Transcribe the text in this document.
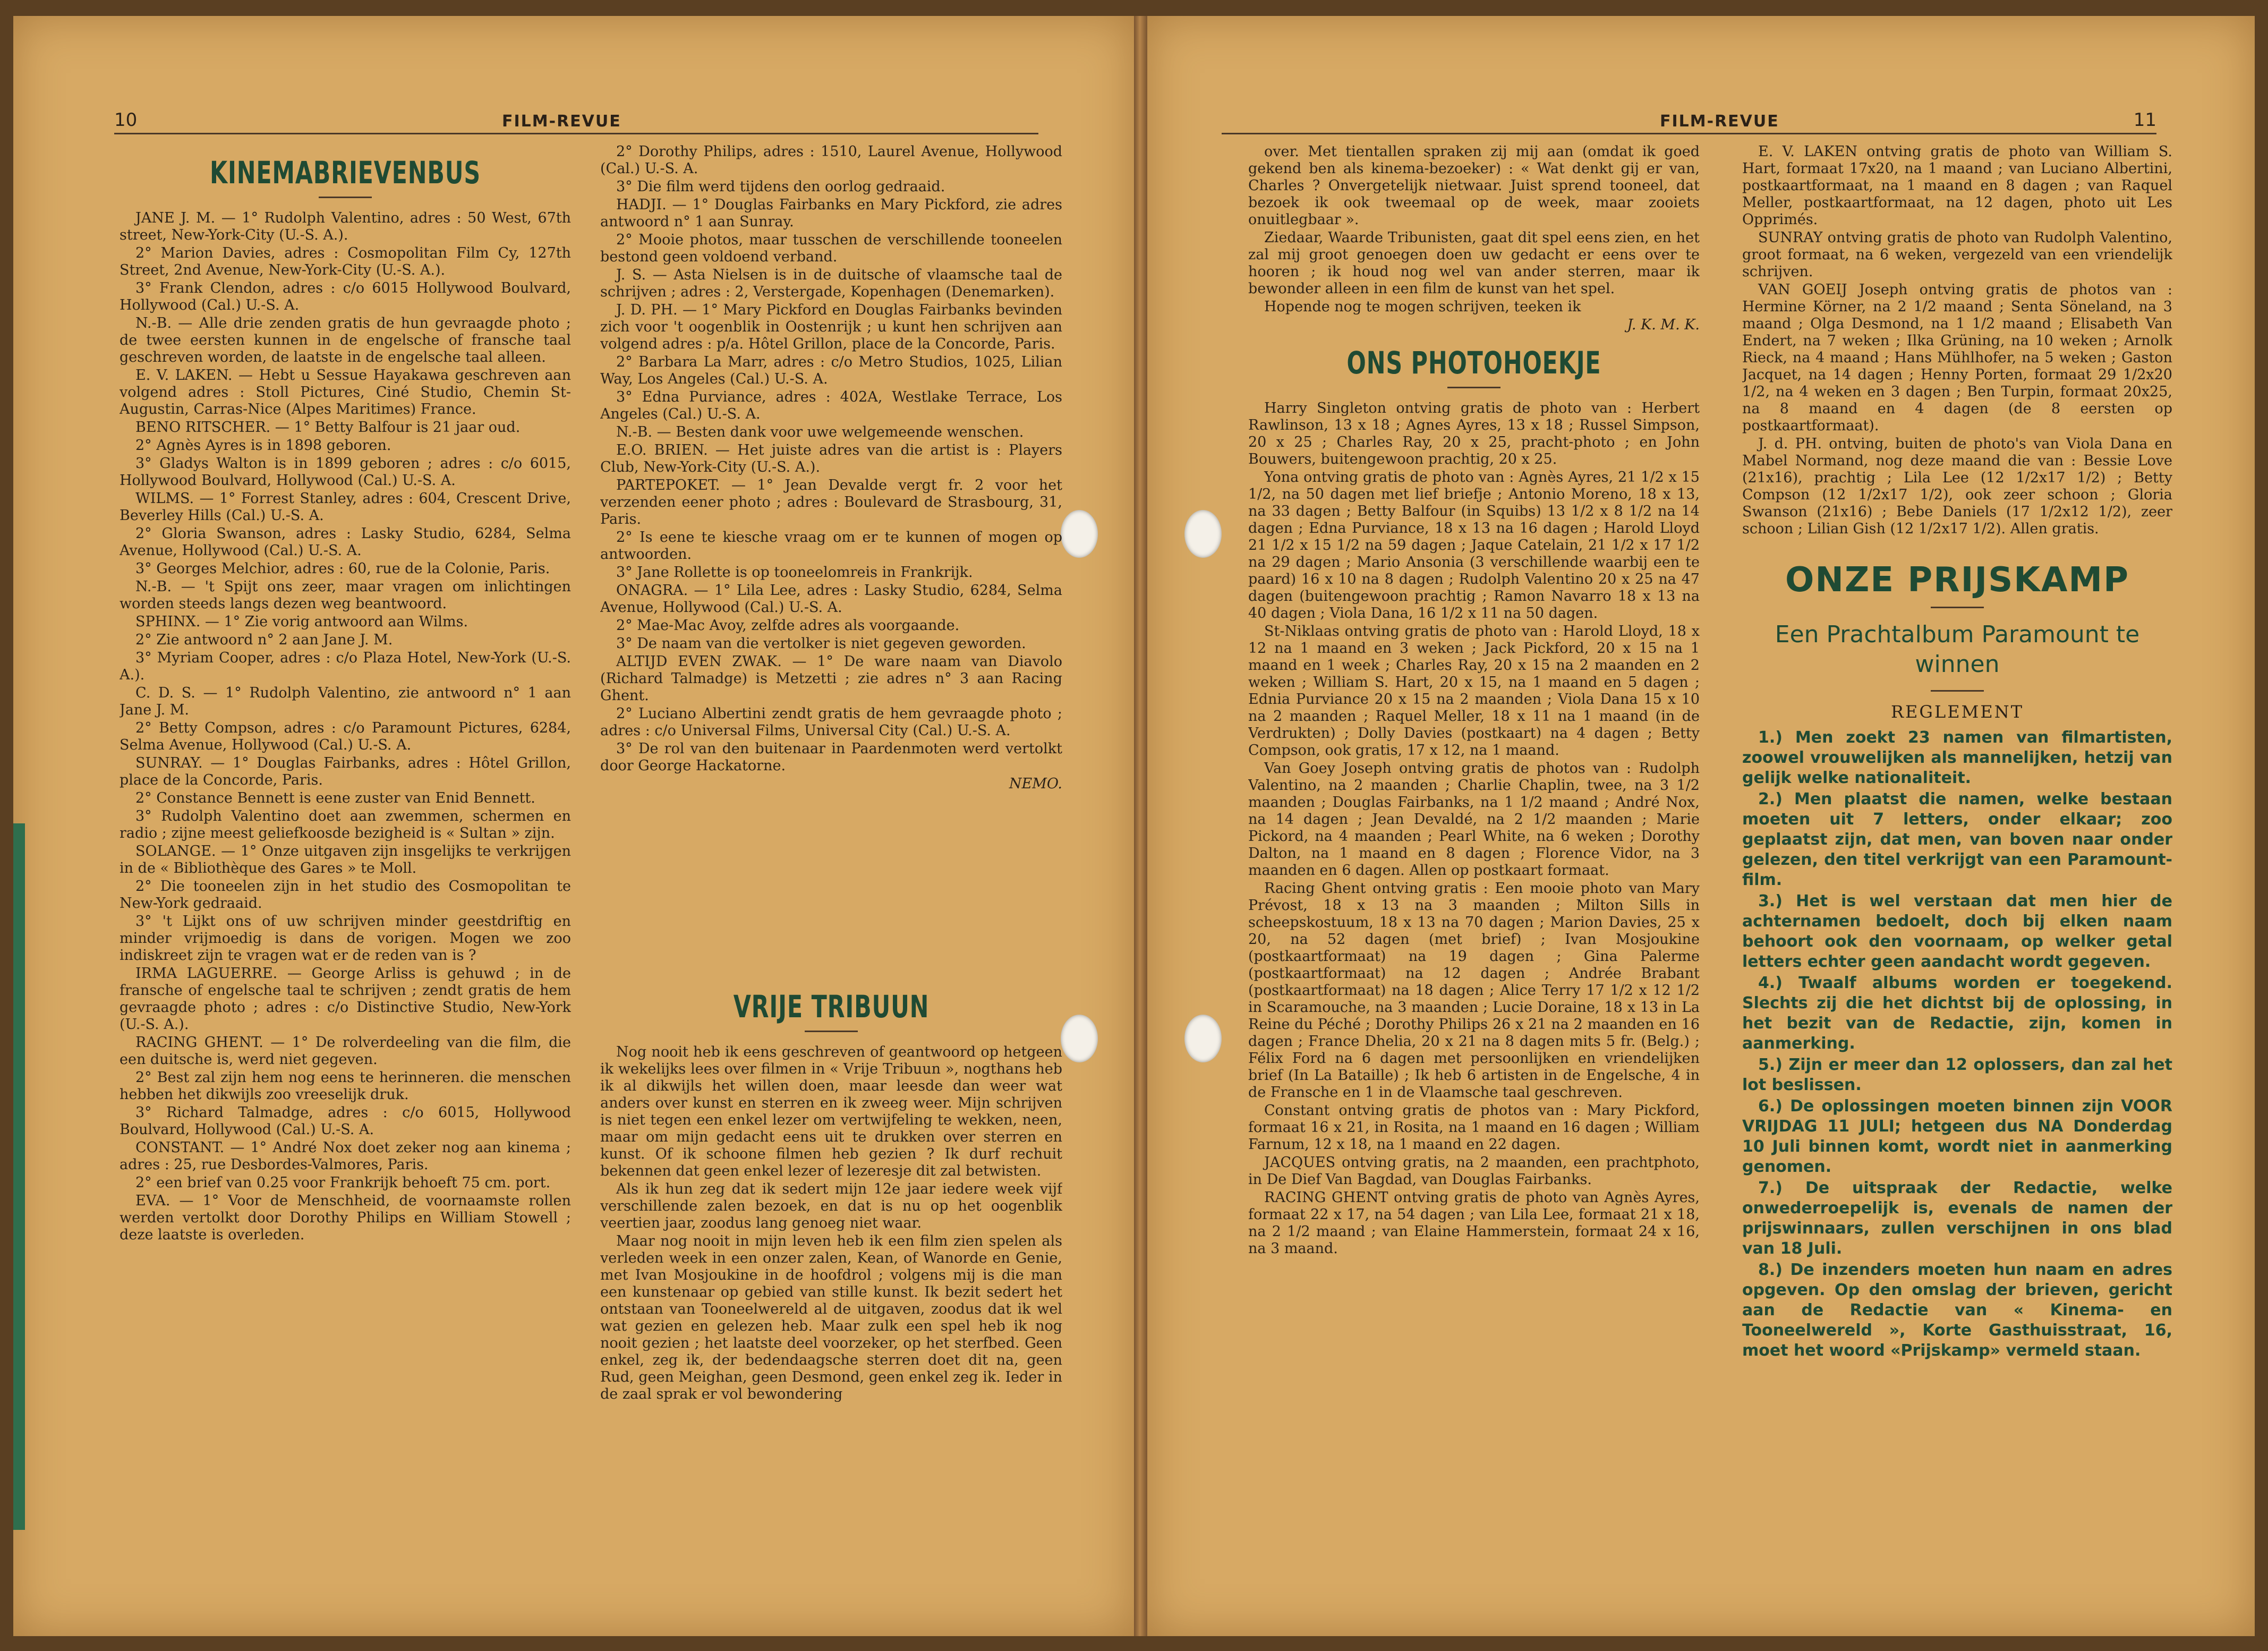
10	FILM-REVUE	FILM-REVUE	11
KINEMABRIEVENBUS

JANE J. M. — 1° Rudolph Valentino, adres : 50 West, 67th street, New-York-City (U.-S. A.).

2° Marion Davies, adres : Cosmopolitan Film Cy, 127th Street, 2nd Avenue, New-York-City (U.-S. A.).

3° Frank Clendon, adres : c/o 6015 Hollywood Boulvard, Hollywood (Cal.) U.-S. A.

N.-B. — Alle drie zenden gratis de hun gevraagde photo ; de twee eersten kunnen in de engelsche of fransche taal geschreven worden, de laatste in de engelsche taal alleen.

E. V. LAKEN. — Hebt u Sessue Hayakawa geschreven aan volgend adres : Stoll Pictures, Ciné Studio, Chemin St-Augustin, Carras-Nice (Alpes Maritimes) France.

BENO RITSCHER. — 1° Betty Balfour is 21 jaar oud.

2° Agnès Ayres is in 1898 geboren.

3° Gladys Walton is in 1899 geboren ; adres : c/o 6015, Hollywood Boulvard, Hollywood (Cal.) U.-S. A.

WILMS. — 1° Forrest Stanley, adres : 604, Crescent Drive, Beverley Hills (Cal.) U.-S. A.

2° Gloria Swanson, adres : Lasky Studio, 6284, Selma Avenue, Hollywood (Cal.) U.-S. A.

3° Georges Melchior, adres : 60, rue de la Colonie, Paris.

N.-B. — 't Spijt ons zeer, maar vragen om inlichtingen worden steeds langs dezen weg beantwoord.

SPHINX. — 1° Zie vorig antwoord aan Wilms.

2° Zie antwoord n° 2 aan Jane J. M.

3° Myriam Cooper, adres : c/o Plaza Hotel, New-York (U.-S. A.).

C. D. S. — 1° Rudolph Valentino, zie antwoord n° 1 aan Jane J. M.

2° Betty Compson, adres : c/o Paramount Pictures, 6284, Selma Avenue, Hollywood (Cal.) U.-S. A.

SUNRAY. — 1° Douglas Fairbanks, adres : Hôtel Grillon, place de la Concorde, Paris.

2° Constance Bennett is eene zuster van Enid Bennett.

3° Rudolph Valentino doet aan zwemmen, schermen en radio ; zijne meest geliefkoosde bezigheid is « Sultan » zijn.

SOLANGE. — 1° Onze uitgaven zijn insgelijks te verkrijgen in de « Bibliothèque des Gares » te Moll.

2° Die tooneelen zijn in het studio des Cosmopolitan te New-York gedraaid.

3° 't Lijkt ons of uw schrijven minder geestdriftig en minder vrijmoedig is dans de vorigen. Mogen we zoo indiskreet zijn te vragen wat er de reden van is ?

IRMA LAGUERRE. — George Arliss is gehuwd ; in de fransche of engelsche taal te schrijven ; zendt gratis de hem gevraagde photo ; adres : c/o Distinctive Studio, New-York (U.-S. A.).

RACING GHENT. — 1° De rolverdeeling van die film, die een duitsche is, werd niet gegeven.

2° Best zal zijn hem nog eens te herinneren. die menschen hebben het dikwijls zoo vreeselijk druk.

3° Richard Talmadge, adres : c/o 6015, Hollywood Boulvard, Hollywood (Cal.) U.-S. A.

CONSTANT. — 1° André Nox doet zeker nog aan kinema ; adres : 25, rue Desbordes-Valmores, Paris.

2° een brief van 0.25 voor Frankrijk behoeft 75 cm. port.

EVA. — 1° Voor de Menschheid, de voornaamste rollen werden vertolkt door Dorothy Philips en William Stowell ; deze laatste is overleden.

2° Dorothy Philips, adres : 1510, Laurel Avenue, Hollywood (Cal.) U.-S. A.

3° Die film werd tijdens den oorlog gedraaid.

HADJI. — 1° Douglas Fairbanks en Mary Pickford, zie adres antwoord n° 1 aan Sunray.

2° Mooie photos, maar tusschen de verschillende tooneelen bestond geen voldoend verband.

J. S. — Asta Nielsen is in de duitsche of vlaamsche taal de schrijven ; adres : 2, Verstergade, Kopenhagen (Denemarken).

J. D. PH. — 1° Mary Pickford en Douglas Fairbanks bevinden zich voor 't oogenblik in Oostenrijk ; u kunt hen schrijven aan volgend adres : p/a. Hôtel Grillon, place de la Concorde, Paris.

2° Barbara La Marr, adres : c/o Metro Studios, 1025, Lilian Way, Los Angeles (Cal.) U.-S. A.

3° Edna Purviance, adres : 402A, Westlake Terrace, Los Angeles (Cal.) U.-S. A.

N.-B. — Besten dank voor uwe welgemeende wenschen.

E.O. BRIEN. — Het juiste adres van die artist is : Players Club, New-York-City (U.-S. A.).

PARTEPOKET. — 1° Jean Devalde vergt fr. 2 voor het verzenden eener photo ; adres : Boulevard de Strasbourg, 31, Paris.

2° Is eene te kiesche vraag om er te kunnen of mogen op antwoorden.

3° Jane Rollette is op tooneelomreis in Frankrijk.

ONAGRA. — 1° Lila Lee, adres : Lasky Studio, 6284, Selma Avenue, Hollywood (Cal.) U.-S. A.

2° Mae-Mac Avoy, zelfde adres als voorgaande.

3° De naam van die vertolker is niet gegeven geworden.

ALTIJD EVEN ZWAK. — 1° De ware naam van Diavolo (Richard Talmadge) is Metzetti ; zie adres n° 3 aan Racing Ghent.

2° Luciano Albertini zendt gratis de hem gevraagde photo ; adres : c/o Universal Films, Universal City (Cal.) U.-S. A.

3° De rol van den buitenaar in Paardenmoten werd vertolkt door George Hackatorne.

NEMO.

VRIJE TRIBUUN

Nog nooit heb ik eens geschreven of geantwoord op hetgeen ik wekelijks lees over filmen in « Vrije Tribuun », nogthans heb ik al dikwijls het willen doen, maar leesde dan weer wat anders over kunst en sterren en ik zweeg weer. Mijn schrijven is niet tegen een enkel lezer om vertwijfeling te wekken, neen, maar om mijn gedacht eens uit te drukken over sterren en kunst. Of ik schoone filmen heb gezien ? Ik durf rechuit bekennen dat geen enkel lezer of lezeresje dit zal betwisten.

Als ik hun zeg dat ik sedert mijn 12e jaar iedere week vijf verschillende zalen bezoek, en dat is nu op het oogenblik veertien jaar, zoodus lang genoeg niet waar.

Maar nog nooit in mijn leven heb ik een film zien spelen als verleden week in een onzer zalen, Kean, of Wanorde en Genie, met Ivan Mosjoukine in de hoofdrol ; volgens mij is die man een kunstenaar op gebied van stille kunst. Ik bezit sedert het ontstaan van Tooneelwereld al de uitgaven, zoodus dat ik wel wat gezien en gelezen heb. Maar zulk een spel heb ik nog nooit gezien ; het laatste deel voorzeker, op het sterfbed. Geen enkel, zeg ik, der bedendaagsche sterren doet dit na, geen Rud, geen Meighan, geen Desmond, geen enkel zeg ik. Ieder in de zaal sprak er vol bewondering

over. Met tientallen spraken zij mij aan (omdat ik goed gekend ben als kinema-bezoeker) : « Wat denkt gij er van, Charles ? Onvergetelijk nietwaar. Juist sprend tooneel, dat bezoek ik ook tweemaal op de week, maar zooiets onuitlegbaar ».

Ziedaar, Waarde Tribunisten, gaat dit spel eens zien, en het zal mij groot genoegen doen uw gedacht er eens over te hooren ; ik houd nog wel van ander sterren, maar ik bewonder alleen in een film de kunst van het spel.

Hopende nog te mogen schrijven, teeken ik

J. K. M. K.

ONS PHOTOHOEKJE

Harry Singleton ontving gratis de photo van : Herbert Rawlinson, 13 x 18 ; Agnes Ayres, 13 x 18 ; Russel Simpson, 20 x 25 ; Charles Ray, 20 x 25, pracht-photo ; en John Bouwers, buitengewoon prachtig, 20 x 25.

Yona ontving gratis de photo van : Agnès Ayres, 21 1/2 x 15 1/2, na 50 dagen met lief briefje ; Antonio Moreno, 18 x 13, na 33 dagen ; Betty Balfour (in Squibs) 13 1/2 x 8 1/2 na 14 dagen ; Edna Purviance, 18 x 13 na 16 dagen ; Harold Lloyd 21 1/2 x 15 1/2 na 59 dagen ; Jaque Catelain, 21 1/2 x 17 1/2 na 29 dagen ; Mario Ansonia (3 verschillende waarbij een te paard) 16 x 10 na 8 dagen ; Rudolph Valentino 20 x 25 na 47 dagen (buitengewoon prachtig ; Ramon Navarro 18 x 13 na 40 dagen ; Viola Dana, 16 1/2 x 11 na 50 dagen.

St-Niklaas ontving gratis de photo van : Harold Lloyd, 18 x 12 na 1 maand en 3 weken ; Jack Pickford, 20 x 15 na 1 maand en 1 week ; Charles Ray, 20 x 15 na 2 maanden en 2 weken ; William S. Hart, 20 x 15, na 1 maand en 5 dagen ; Ednia Purviance 20 x 15 na 2 maanden ; Viola Dana 15 x 10 na 2 maanden ; Raquel Meller, 18 x 11 na 1 maand (in de Verdrukten) ; Dolly Davies (postkaart) na 4 dagen ; Betty Compson, ook gratis, 17 x 12, na 1 maand.

Van Goey Joseph ontving gratis de photos van : Rudolph Valentino, na 2 maanden ; Charlie Chaplin, twee, na 3 1/2 maanden ; Douglas Fairbanks, na 1 1/2 maand ; André Nox, na 14 dagen ; Jean Devaldé, na 2 1/2 maanden ; Marie Pickord, na 4 maanden ; Pearl White, na 6 weken ; Dorothy Dalton, na 1 maand en 8 dagen ; Florence Vidor, na 3 maanden en 6 dagen. Allen op postkaart formaat.

Racing Ghent ontving gratis : Een mooie photo van Mary Prévost, 18 x 13 na 3 maanden ; Milton Sills in scheepskostuum, 18 x 13 na 70 dagen ; Marion Davies, 25 x 20, na 52 dagen (met brief) ; Ivan Mosjoukine (postkaartformaat) na 19 dagen ; Gina Palerme (postkaartformaat) na 12 dagen ; Andrée Brabant (postkaartformaat) na 18 dagen ; Alice Terry 17 1/2 x 12 1/2 in Scaramouche, na 3 maanden ; Lucie Doraine, 18 x 13 in La Reine du Péché ; Dorothy Philips 26 x 21 na 2 maanden en 16 dagen ; France Dhelia, 20 x 21 na 8 dagen mits 5 fr. (Belg.) ; Félix Ford na 6 dagen met persoonlijken en vriendelijken brief (In La Bataille) ; Ik heb 6 artisten in de Engelsche, 4 in de Fransche en 1 in de Vlaamsche taal geschreven.

Constant ontving gratis de photos van : Mary Pickford, formaat 16 x 21, in Rosita, na 1 maand en 16 dagen ; William Farnum, 12 x 18, na 1 maand en 22 dagen.

JACQUES ontving gratis, na 2 maanden, een prachtphoto, in De Dief Van Bagdad, van Douglas Fairbanks.

RACING GHENT ontving gratis de photo van Agnès Ayres, formaat 22 x 17, na 54 dagen ; van Lila Lee, formaat 21 x 18, na 2 1/2 maand ; van Elaine Hammerstein, formaat 24 x 16, na 3 maand.

E. V. LAKEN ontving gratis de photo van William S. Hart, formaat 17x20, na 1 maand ; van Luciano Albertini, postkaartformaat, na 1 maand en 8 dagen ; van Raquel Meller, postkaartformaat, na 12 dagen, photo uit Les Opprimés.

SUNRAY ontving gratis de photo van Rudolph Valentino, groot formaat, na 6 weken, vergezeld van een vriendelijk schrijven.

VAN GOEIJ Joseph ontving gratis de photos van : Hermine Körner, na 2 1/2 maand ; Senta Söneland, na 3 maand ; Olga Desmond, na 1 1/2 maand ; Elisabeth Van Endert, na 7 weken ; Ilka Grüning, na 10 weken ; Arnolk Rieck, na 4 maand ; Hans Mühlhofer, na 5 weken ; Gaston Jacquet, na 14 dagen ; Henny Porten, formaat 29 1/2x20 1/2, na 4 weken en 3 dagen ; Ben Turpin, formaat 20x25, na 8 maand en 4 dagen (de 8 eersten op postkaartformaat).

J. d. PH. ontving, buiten de photo's van Viola Dana en Mabel Normand, nog deze maand die van : Bessie Love (21x16), prachtig ; Lila Lee (12 1/2x17 1/2) ; Betty Compson (12 1/2x17 1/2), ook zeer schoon ; Gloria Swanson (21x16) ; Bebe Daniels (17 1/2x12 1/2), zeer schoon ; Lilian Gish (12 1/2x17 1/2). Allen gratis.

ONZE PRIJSKAMP
Een Prachtalbum Paramount te winnen
REGLEMENT

1.) Men zoekt 23 namen van filmartisten, zoowel vrouwelijken als mannelijken, hetzij van gelijk welke nationaliteit.

2.) Men plaatst die namen, welke bestaan moeten uit 7 letters, onder elkaar; zoo geplaatst zijn, dat men, van boven naar onder gelezen, den titel verkrijgt van een Paramount-film.

3.) Het is wel verstaan dat men hier de achternamen bedoelt, doch bij elken naam behoort ook den voornaam, op welker getal letters echter geen aandacht wordt gegeven.

4.) Twaalf albums worden er toegekend. Slechts zij die het dichtst bij de oplossing, in het bezit van de Redactie, zijn, komen in aanmerking.

5.) Zijn er meer dan 12 oplossers, dan zal het lot beslissen.

6.) De oplossingen moeten binnen zijn VOOR VRIJDAG 11 JULI; hetgeen dus NA Donderdag 10 Juli binnen komt, wordt niet in aanmerking genomen.

7.) De uitspraak der Redactie, welke onwederroepelijk is, evenals de namen der prijswinnaars, zullen verschijnen in ons blad van 18 Juli.

8.) De inzenders moeten hun naam en adres opgeven. Op den omslag der brieven, gericht aan de Redactie van « Kinema- en Tooneelwereld », Korte Gasthuisstraat, 16, moet het woord «Prijskamp» vermeld staan.
